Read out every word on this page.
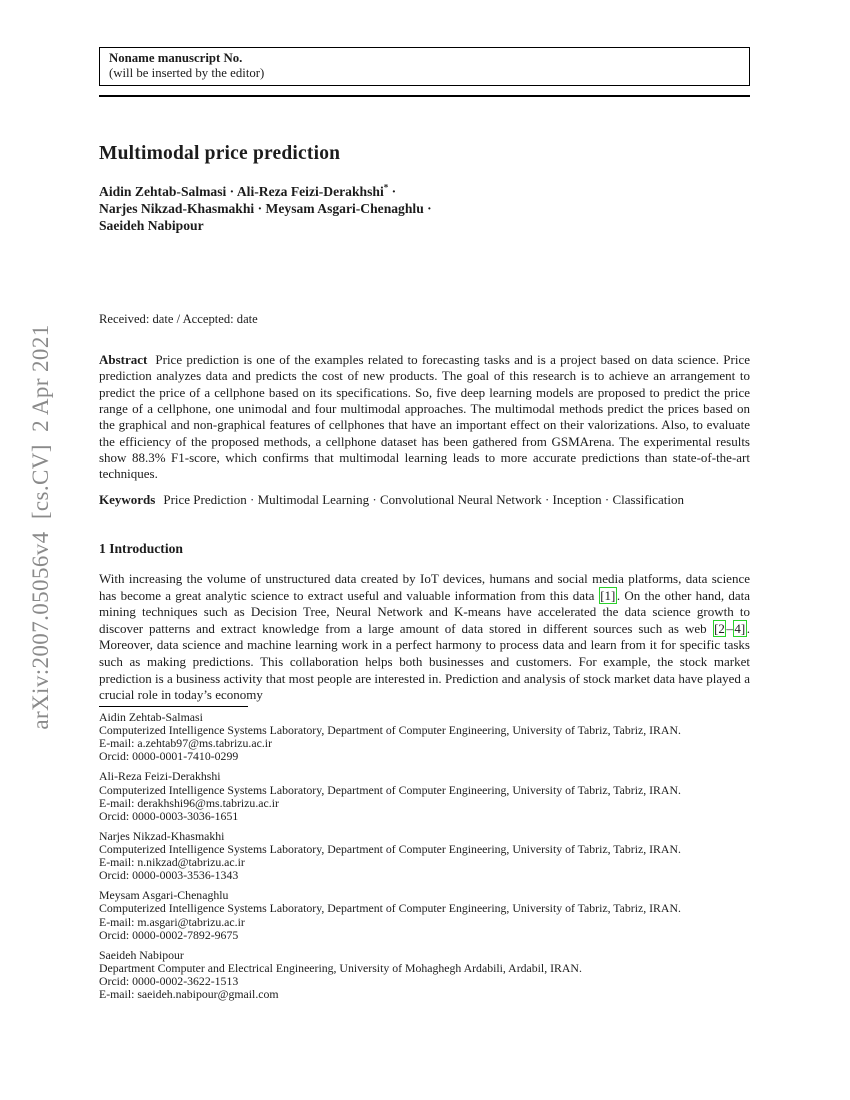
arXiv:2007.05056v4  [cs.CV]  2 Apr 2021
Noname manuscript No.
(will be inserted by the editor)
Multimodal price prediction
Aidin Zehtab-Salmasi · Ali-Reza Feizi-Derakhshi* ·
Narjes Nikzad-Khasmakhi · Meysam Asgari-Chenaghlu ·
Saeideh Nabipour
Received: date / Accepted: date

Abstract Price prediction is one of the examples related to forecasting tasks and is a project based on data science. Price prediction analyzes data and predicts the cost of new products. The goal of this research is to achieve an arrangement to predict the price of a cellphone based on its specifications. So, five deep learning models are proposed to predict the price range of a cellphone, one unimodal and four multimodal approaches. The multimodal methods predict the prices based on the graphical and non-graphical features of cellphones that have an important effect on their valorizations. Also, to evaluate the efficiency of the proposed methods, a cellphone dataset has been gathered from GSMArena. The experimental results show 88.3% F1-score, which confirms that multimodal learning leads to more accurate predictions than state-of-the-art techniques.

Keywords Price Prediction · Multimodal Learning · Convolutional Neural Network · Inception · Classification

1 Introduction

With increasing the volume of unstructured data created by IoT devices, humans and social media platforms, data science has become a great analytic science to extract useful and valuable information from this data [1] . On the other hand, data mining techniques such as Decision Tree, Neural Network and K-means have accelerated the data science growth to discover patterns and extract knowledge from a large amount of data stored in different sources such as web [2 – 4] . Moreover, data science and machine learning work in a perfect harmony to process data and learn from it for specific tasks such as making predictions. This collaboration helps both businesses and customers. For example, the stock market prediction is a business activity that most people are interested in. Prediction and analysis of stock market data have played a crucial role in today’s economy

Aidin Zehtab-Salmasi
Computerized Intelligence Systems Laboratory, Department of Computer Engineering, University of Tabriz, Tabriz, IRAN.
E-mail: a.zehtab97@ms.tabrizu.ac.ir
Orcid: 0000-0001-7410-0299
Ali-Reza Feizi-Derakhshi
Computerized Intelligence Systems Laboratory, Department of Computer Engineering, University of Tabriz, Tabriz, IRAN.
E-mail: derakhshi96@ms.tabrizu.ac.ir
Orcid: 0000-0003-3036-1651
Narjes Nikzad-Khasmakhi
Computerized Intelligence Systems Laboratory, Department of Computer Engineering, University of Tabriz, Tabriz, IRAN.
E-mail: n.nikzad@tabrizu.ac.ir
Orcid: 0000-0003-3536-1343
Meysam Asgari-Chenaghlu
Computerized Intelligence Systems Laboratory, Department of Computer Engineering, University of Tabriz, Tabriz, IRAN.
E-mail: m.asgari@tabrizu.ac.ir
Orcid: 0000-0002-7892-9675
Saeideh Nabipour
Department Computer and Electrical Engineering, University of Mohaghegh Ardabili, Ardabil, IRAN.
Orcid: 0000-0002-3622-1513
E-mail: saeideh.nabipour@gmail.com
